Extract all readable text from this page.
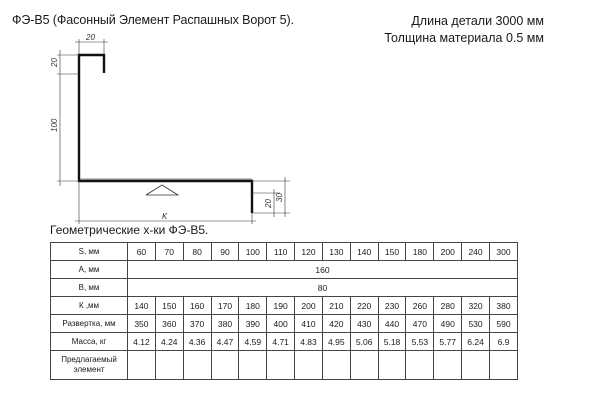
ФЭ-В5 (Фасонный Элемент Распашных Ворот 5).	Длина детали 3000 мм
Толщина материала 0.5 мм
20
20
100
K
20
30
Геометрические х-ки ФЭ-В5.
S, мм	60	70	80	90	100	110	120	130	140	150	180	200	240	300
А, мм	160													
В, мм	80													
К ,мм	140	150	160	170	180	190	200	210	220	230	260	280	320	380
Развертка, мм	350	360	370	380	390	400	410	420	430	440	470	490	530	590
Масса, кг	4.12	4.24	4.36	4.47	4.59	4.71	4.83	4.95	5.06	5.18	5.53	5.77	6.24	6.9
Предлагаемый элемент														
